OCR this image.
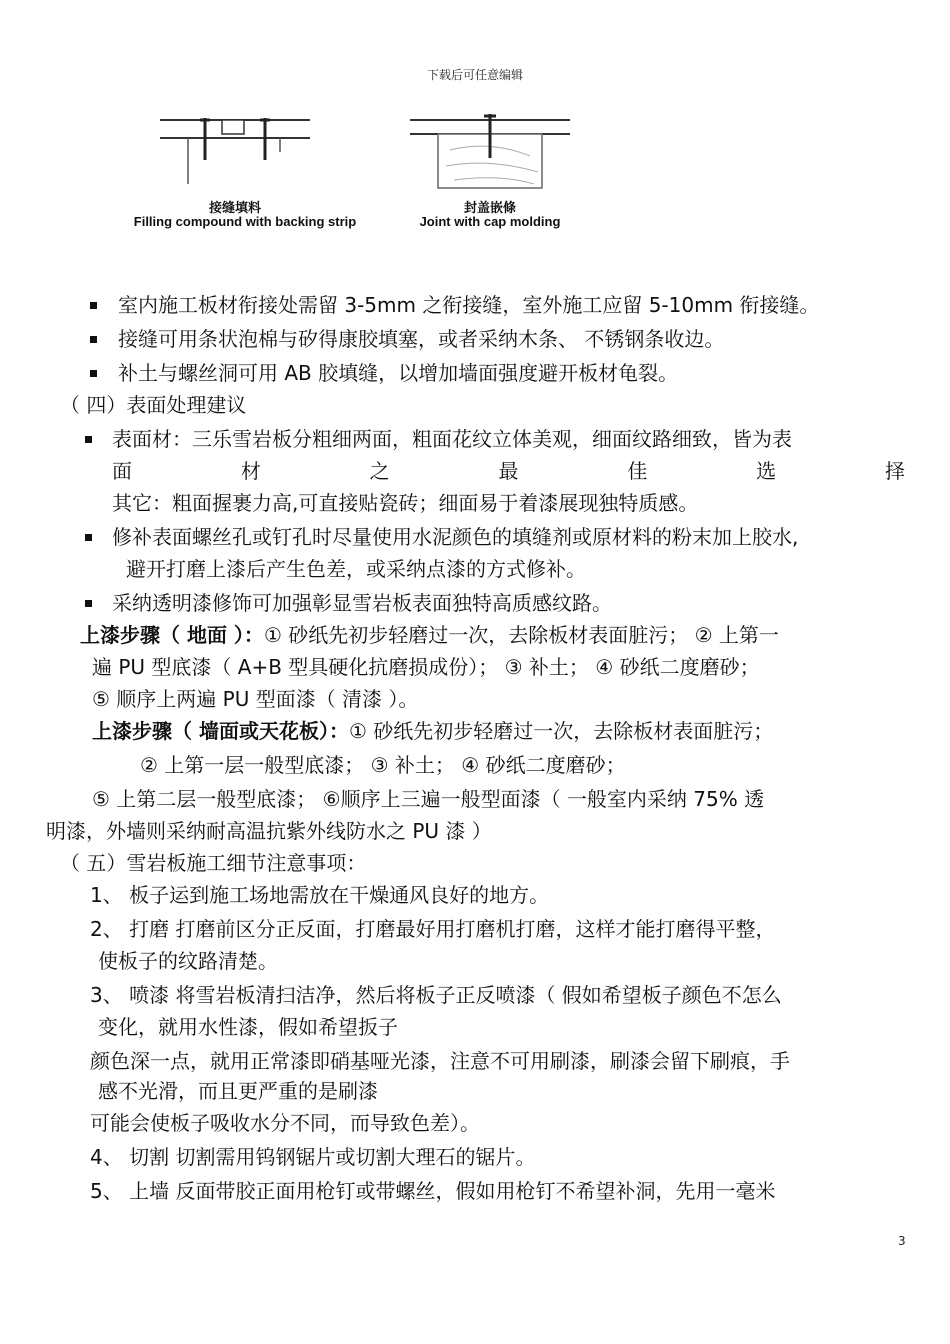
下载后可任意编辑
接缝填料
Filling compound with backing strip
封盖嵌條
Joint with cap molding
室内施工板材衔接处需留 3-5mm 之衔接缝，室外施工应留 5-10mm 衔接缝。
接缝可用条状泡棉与矽得康胶填塞，或者采纳木条、 不锈钢条收边。
补土与螺丝洞可用 AB 胶填缝，以增加墙面强度避开板材龟裂。
（ 四）表面处理建议
表面材：三乐雪岩板分粗细两面，粗面花纹立体美观，细面纹路细致，皆为表
面	材	之	最	佳	选	择
其它：粗面握裹力高,可直接贴瓷砖；细面易于着漆展现独特质感。
修补表面螺丝孔或钉孔时尽量使用水泥颜色的填缝剂或原材料的粉末加上胶水,
避开打磨上漆后产生色差，或采纳点漆的方式修补。
采纳透明漆修饰可加强彰显雪岩板表面独特高质感纹路。
上漆步骤（ 地面 ）：① 砂纸先初步轻磨过一次，去除板材表面脏污； ② 上第一
遍 PU 型底漆（ A+B 型具硬化抗磨损成份）； ③ 补土； ④ 砂纸二度磨砂；
⑤ 顺序上两遍 PU 型面漆（ 清漆 ）。
上漆步骤（ 墙面或天花板）：① 砂纸先初步轻磨过一次，去除板材表面脏污；
② 上第一层一般型底漆； ③ 补土； ④ 砂纸二度磨砂；
⑤ 上第二层一般型底漆； ⑥顺序上三遍一般型面漆（ 一般室内采纳 75% 透
明漆，外墙则采纳耐高温抗紫外线防水之 PU 漆 ）
（ 五）雪岩板施工细节注意事项：
1、 板子运到施工场地需放在干燥通风良好的地方。
2、 打磨 打磨前区分正反面，打磨最好用打磨机打磨，这样才能打磨得平整，
使板子的纹路清楚。
3、 喷漆 将雪岩板清扫洁净，然后将板子正反喷漆（ 假如希望板子颜色不怎么
变化，就用水性漆，假如希望扳子
颜色深一点，就用正常漆即硝基哑光漆，注意不可用刷漆，刷漆会留下刷痕，手
感不光滑，而且更严重的是刷漆
可能会使板子吸收水分不同，而导致色差）。
4、 切割 切割需用钨钢锯片或切割大理石的锯片。
5、 上墙 反面带胶正面用枪钉或带螺丝，假如用枪钉不希望补洞，先用一毫米
3
